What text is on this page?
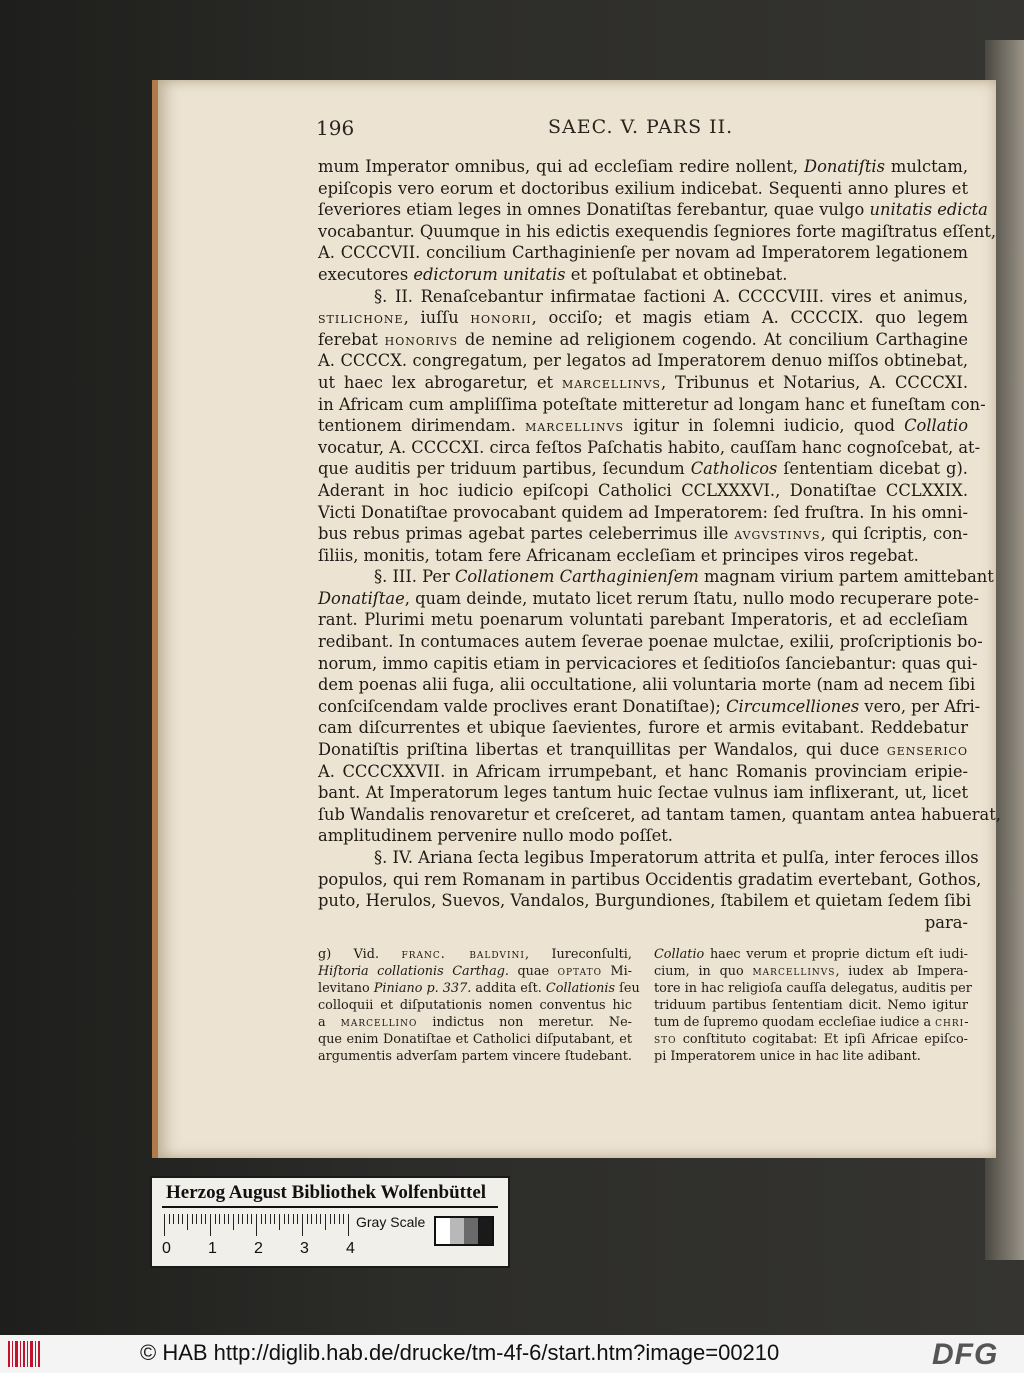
196	SAEC. V. PARS II.
mum Imperator omnibus, qui ad eccleſiam redire nollent, Donatiſtis mulctam,
epiſcopis vero eorum et doctoribus exilium indicebat. Sequenti anno plures et
ſeveriores etiam leges in omnes Donatiſtas ferebantur, quae vulgo unitatis edicta
vocabantur. Quumque in his edictis exequendis ſegniores forte magiſtratus eſſent,
A. CCCCVII. concilium Carthaginienſe per novam ad Imperatorem legationem
executores edictorum unitatis et poſtulabat et obtinebat.
§. II. Renaſcebantur infirmatae factioni A. CCCCVIII. vires et animus,
stilichone, iuſſu honorii, occiſo; et magis etiam A. CCCCIX. quo legem
ferebat honorivs de nemine ad religionem cogendo. At concilium Carthagine
A. CCCCX. congregatum, per legatos ad Imperatorem denuo miſſos obtinebat,
ut haec lex abrogaretur, et marcellinvs, Tribunus et Notarius, A. CCCCXI.
in Africam cum ampliſſima poteſtate mitteretur ad longam hanc et funeſtam con-
tentionem dirimendam. marcellinvs igitur in ſolemni iudicio, quod Collatio
vocatur, A. CCCCXI. circa feſtos Paſchatis habito, cauſſam hanc cognoſcebat, at-
que auditis per triduum partibus, ſecundum Catholicos ſententiam dicebat g).
Aderant in hoc iudicio epiſcopi Catholici CCLXXXVI., Donatiſtae CCLXXIX.
Victi Donatiſtae provocabant quidem ad Imperatorem: ſed fruſtra. In his omni-
bus rebus primas agebat partes celeberrimus ille avgvstinvs, qui ſcriptis, con-
ſiliis, monitis, totam fere Africanam eccleſiam et principes viros regebat.
§. III. Per Collationem Carthaginienſem magnam virium partem amittebant
Donatiſtae, quam deinde, mutato licet rerum ſtatu, nullo modo recuperare pote-
rant. Plurimi metu poenarum voluntati parebant Imperatoris, et ad eccleſiam
redibant. In contumaces autem ſeverae poenae mulctae, exilii, proſcriptionis bo-
norum, immo capitis etiam in pervicaciores et ſeditioſos ſanciebantur: quas qui-
dem poenas alii fuga, alii occultatione, alii voluntaria morte (nam ad necem ſibi
conſciſcendam valde proclives erant Donatiſtae); Circumcelliones vero, per Afri-
cam diſcurrentes et ubique ſaevientes, furore et armis evitabant. Reddebatur
Donatiſtis priſtina libertas et tranquillitas per Wandalos, qui duce genserico
A. CCCCXXVII. in Africam irrumpebant, et hanc Romanis provinciam eripie-
bant. At Imperatorum leges tantum huic ſectae vulnus iam inflixerant, ut, licet
ſub Wandalis renovaretur et creſceret, ad tantam tamen, quantam antea habuerat,
amplitudinem pervenire nullo modo poſſet.
§. IV. Ariana ſecta legibus Imperatorum attrita et pulſa, inter feroces illos
populos, qui rem Romanam in partibus Occidentis gradatim evertebant, Gothos,
puto, Herulos, Suevos, Vandalos, Burgundiones, ſtabilem et quietam ſedem ſibi
para-
g) Vid. franc. baldvini, Iureconſulti,
Hiſtoria collationis Carthag. quae optato Mi-
levitano Piniano p. 337. addita eſt. Collationis ſeu
colloquii et diſputationis nomen conventus hic
a marcellino indictus non meretur. Ne-
que enim Donatiſtae et Catholici diſputabant, et
argumentis adverſam partem vincere ſtudebant.
Collatio haec verum et proprie dictum eſt iudi-
cium, in quo marcellinvs, iudex ab Impera-
tore in hac religioſa cauſſa delegatus, auditis per
triduum partibus ſententiam dicit. Nemo igitur
tum de ſupremo quodam eccleſiae iudice a chri-
sto conſtituto cogitabat: Et ipſi Africae epiſco-
pi Imperatorem unice in hac lite adibant.
Herzog August Bibliothek Wolfenbüttel
Gray Scale
0 1 2 3 4
© HAB http://diglib.hab.de/drucke/tm-4f-6/start.htm?image=00210	DFG
